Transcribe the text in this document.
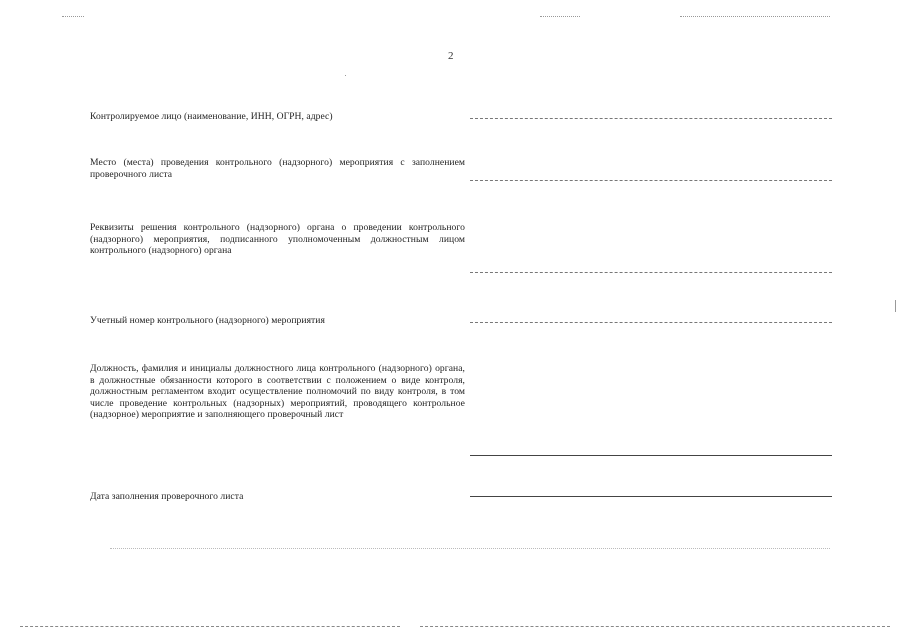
2
Контролируемое лицо (наименование, ИНН, ОГРН, адрес)
Место (места) проведения контрольного (надзорного) мероприятия с заполнением проверочного листа
Реквизиты решения контрольного (надзорного) органа о проведении контрольного (надзорного) мероприятия, подписанного уполномоченным должностным лицом контрольного (надзорного) органа
Учетный номер контрольного (надзорного) мероприятия
Должность, фамилия и инициалы должностного лица контрольного (надзорного) органа, в должностные обязанности которого в соответствии с положением о виде контроля, должностным регламентом входит осуществление полномочий по виду контроля, в том числе проведение контрольных (надзорных) мероприятий, проводящего контрольное (надзорное) мероприятие и заполняющего проверочный лист
Дата заполнения проверочного листа
